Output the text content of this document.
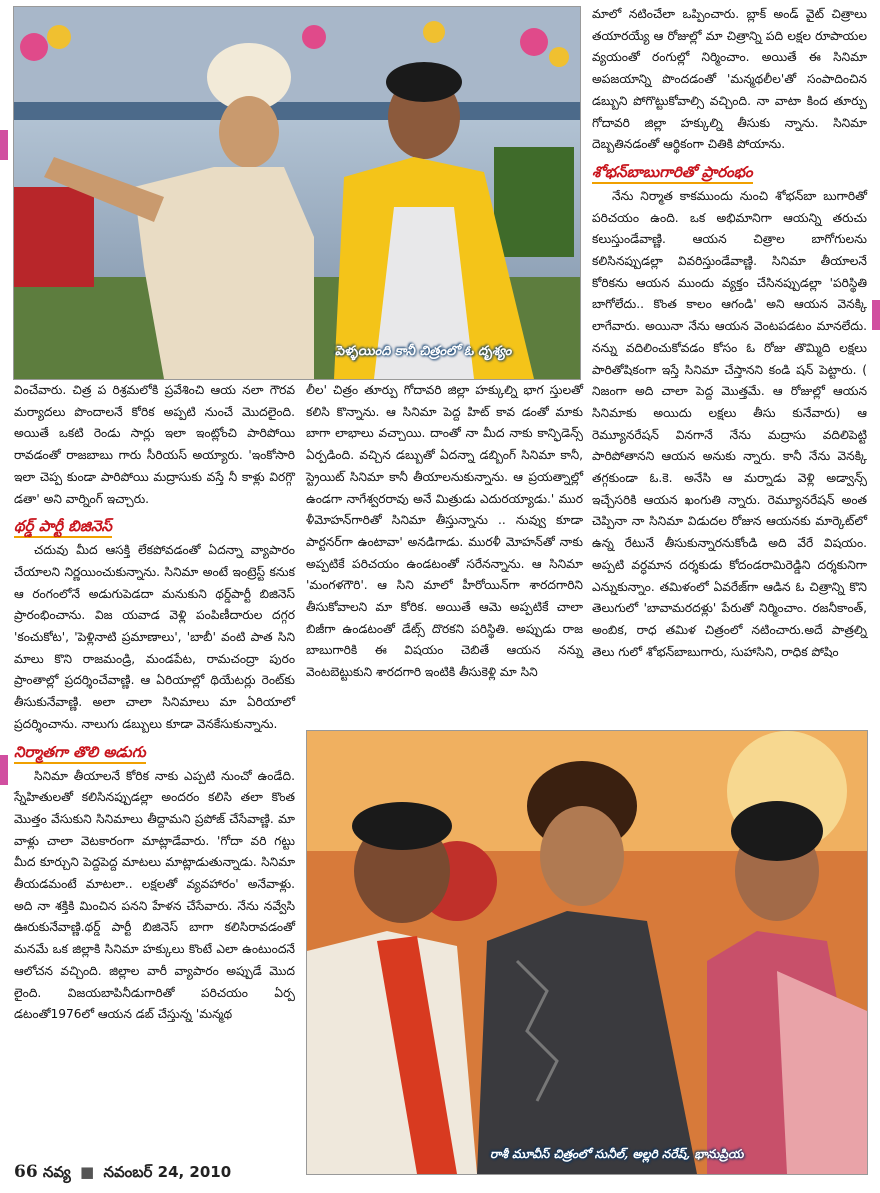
పెళ్ళయింది కానీ చిత్రంలో ఓ దృశ్యం

వించేవారు. చిత్ర ప రిశ్రమలోకి ప్రవేశించి ఆయ నలా గౌరవ మర్యాదలు పొందాలనే కోరిక అప్పటి నుంచే మొదలైంది. అయితే ఒకటి రెండు సార్లు ఇలా ఇంట్లోంచి పారిపోయి రావడంతో రాజబాబు గారు సీరియస్ అయ్యారు. 'ఇంకోసారి ఇలా చెప్ప కుండా పారిపోయి మద్రాసుకు వస్తే నీ కాళ్లు విరగ్గొ డతా' అని వార్నింగ్ ఇచ్చారు.

థర్డ్ పార్టీ బిజినెస్

చదువు మీద ఆసక్తి లేకపోవడంతో ఏదన్నా వ్యాపారం చేయాలని నిర్ణయించుకున్నాను. సినిమా అంటే ఇంట్రెస్ట్ కనుక ఆ రంగంలోనే అడుగుపెడదా మనుకుని థర్డ్‌పార్టీ బిజినెస్ ప్రారంభించాను. విజ యవాడ వెళ్లి పంపిణీదారుల దగ్గర 'కంచుకోట', 'పెళ్లినాటి ప్రమాణాలు', 'బాబీ' వంటి పాత సిని మాలు కొని రాజమండ్రి, మండపేట, రామచంద్రా పురం ప్రాంతాల్లో ప్రదర్శించేవాణ్ణి. ఆ ఏరియాల్లో థియేటర్లు రెంట్‌కు తీసుకునేవాణ్ణి. అలా చాలా సినిమాలు మా ఏరియాలో ప్రదర్శించాను. నాలుగు డబ్బులు కూడా వెనకేసుకున్నాను.

నిర్మాతగా తొలి అడుగు

సినిమా తీయాలనే కోరిక నాకు ఎప్పటి నుంచో ఉండేది. స్నేహితులతో కలిసినప్పుడల్లా అందరం కలిసి తలా కొంత మొత్తం వేసుకుని సినిమాలు తీద్దామని ప్రపోజ్ చేసేవాణ్ణి. మా వాళ్లు చాలా వెటకారంగా మాట్లాడేవారు. 'గోదా వరి గట్టు మీద కూర్చుని పెద్దపెద్ద మాటలు మాట్లాడుతున్నాడు. సినిమా తీయడమంటే మాటలా.. లక్షలతో వ్యవహారం' అనేవాళ్లు. అది నా శక్తికి మించిన పనని హేళన చేసేవారు. నేను నవ్వేసి ఊరుకునేవాణ్ణి.థర్డ్ పార్టీ బిజినెస్ బాగా కలిసిరావడంతో మనమే ఒక జిల్లాకి సినిమా హక్కులు కొంటే ఎలా ఉంటుందనే ఆలోచన వచ్చింది. జిల్లాల వారీ వ్యాపారం అప్పుడే మొద లైంది. విజయబాపినీడుగారితో పరిచయం ఏర్ప డటంతో1976లో ఆయన డబ్ చేస్తున్న 'మన్మథ

లీల' చిత్రం తూర్పు గోదావరి జిల్లా హక్కుల్ని భాగ స్తులతో కలిసి కొన్నాను. ఆ సినిమా పెద్ద హిట్ కావ డంతో మాకు బాగా లాభాలు వచ్చాయి. దాంతో నా మీద నాకు కాన్ఫిడెన్స్ ఏర్పడింది. వచ్చిన డబ్బుతో ఏదన్నా డబ్బింగ్ సినిమా కానీ, స్ట్రెయిట్ సినిమా కానీ తీయాలనుకున్నాను. ఆ ప్రయత్నాల్లో ఉండగా నాగేశ్వరరావు అనే మిత్రుడు ఎదురయ్యాడు.' ముర ళీమోహన్‌గారితో సినిమా తీస్తున్నాను .. నువ్వు కూడా పార్టనర్‌గా ఉంటావా' అనడిగాడు. మురళీ మోహన్‌తో నాకు అప్పటికే పరిచయం ఉండటంతో సరేనన్నాను. ఆ సినిమా 'మంగళగౌరి'. ఆ సిని మాలో హీరోయిన్‌గా శారదగారిని తీసుకోవాలని మా కోరిక. అయితే ఆమె అప్పటికే చాలా బిజీగా ఉండటంతో డేట్స్ దొరకని పరిస్థితి. అప్పుడు రాజ బాబుగారికి ఈ విషయం చెబితే ఆయన నన్ను వెంటబెట్టుకుని శారదగారి ఇంటికి తీసుకెళ్లి మా సిని

మాలో నటించేలా ఒప్పించారు. బ్లాక్ అండ్ వైట్ చిత్రాలు తయారయ్యే ఆ రోజుల్లో మా చిత్రాన్ని పది లక్షల రూపాయల వ్యయంతో రంగుల్లో నిర్మించాం. అయితే ఈ సినిమా అపజయాన్ని పొందడంతో 'మన్మథలీల'తో సంపాదించిన డబ్బుని పోగొట్టుకోవాల్సి వచ్చింది. నా వాటా కింద తూర్పు గోదావరి జిల్లా హక్కుల్ని తీసుకు న్నాను. సినిమా దెబ్బతినడంతో ఆర్థికంగా చితికి పోయాను.

శోభన్‌బాబుగారితో ప్రారంభం

నేను నిర్మాత కాకముందు నుంచి శోభన్‌బా బుగారితో పరిచయం ఉంది. ఒక అభిమానిగా ఆయన్ని తరుచు కలుస్తుండేవాణ్ణి. ఆయన చిత్రాల బాగోగులను కలిసినప్పుడల్లా వివరిస్తుండేవాణ్ణి. సినిమా తీయాలనే కోరికను ఆయన ముందు వ్యక్తం చేసినప్పుడల్లా 'పరిస్థితి బాగోలేదు.. కొంత కాలం ఆగండి' అని ఆయన వెనక్కి లాగేవారు. అయినా నేను ఆయన వెంటపడటం మానలేదు. నన్ను వదిలించుకోవడం కోసం ఓ రోజు తొమ్మిది లక్షలు పారితోషికంగా ఇస్తే సినిమా చేస్తానని కండి షన్ పెట్టారు. ( నిజంగా అది చాలా పెద్ద మొత్తమే. ఆ రోజుల్లో ఆయన సినిమాకు అయిదు లక్షలు తీసు కునేవారు) ఆ రెమ్యూనరేషన్ వినగానే నేను మద్రాసు వదిలిపెట్టి పారిపోతానని ఆయన అనుకు న్నారు. కానీ నేను వెనక్కి తగ్గకుండా ఓ.కె. అనేసి ఆ మర్నాడు వెళ్లి అడ్వాన్స్ ఇచ్చేసరికి ఆయన ఖంగుతి న్నారు. రెమ్యూనరేషన్ అంత చెప్పినా నా సినిమా విడుదల రోజున ఆయనకు మార్కెట్‌లో ఉన్న రేటునే తీసుకున్నారనుకోండి అది వేరే విషయం. అప్పటి వర్ధమాన దర్శకుడు కోదండరామిరెడ్డిని దర్శకునిగా ఎన్నుకున్నాం. తమిళంలో ఏవరేజ్‌గా ఆడిన ఓ చిత్రాన్ని కొని తెలుగులో 'బావామరదళ్లు' పేరుతో నిర్మించాం. రజనీకాంత్, అంబిక, రాధ తమిళ చిత్రంలో నటించారు.అదే పాత్రల్ని తెలు గులో శోభన్‌బాబుగారు, సుహాసిని, రాధిక పోషిం

రాశీ మూవీస్ చిత్రంలో సునీల్, అల్లరి నరేష్, భానుప్రియ
66 నవ్య ■ నవంబర్ 24, 2010
